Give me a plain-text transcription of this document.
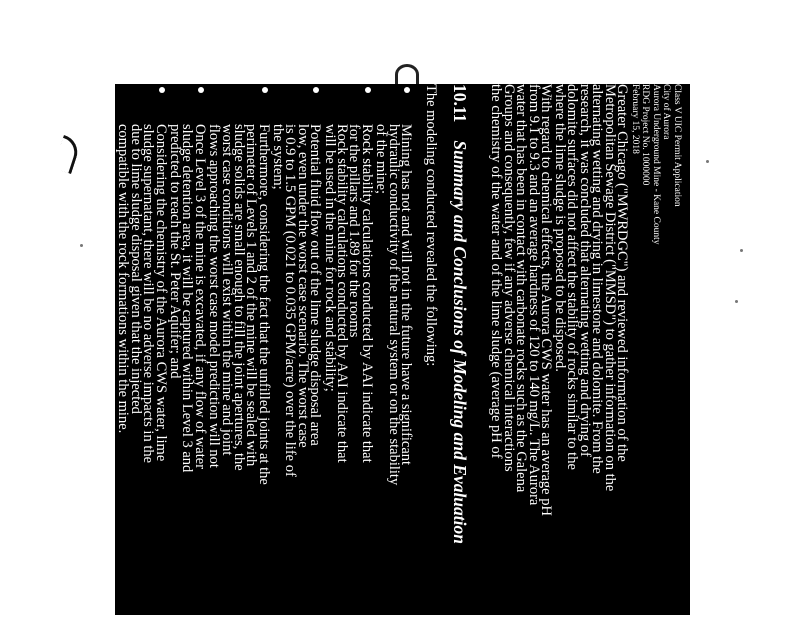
Class V UIC Permit Application
City of Aurora
Aurora Underground Mine - Kane County
RDG Project No. 1000000
February 15, 2018
Greater Chicago ("MWRDGC") and reviewed information of the
Metropolitan Sewage District ("MMSD") to gather information on the
alternating wetting and drying in limestone and dolomite. From the
research, it was concluded that alternating wetting and drying of
dolomite surfaces did not affect the stability of rocks similar to the
where the lime sludge is proposed to be disposed.
With regard to chemical effects, the Aurora CWS water has an average pH
from 9.1 to 9.3 and an average hardness of 120 to 140 mg/L. The Aurora
water that has been in contact with carbonate rocks such as the Galena
Groups and consequently, few if any adverse chemical interactions
the chemistry of the water and of the lime sludge (average pH of
10.11Summary and Conclusions of Modeling and Evaluation
The modeling conducted revealed the following:
Mining has not and will not in the future have a significant
hydraulic conductivity of the natural system or on the stability
of the mine;
Rock stability calculations conducted by AAI indicate that
for the pillars and 1.89 for the rooms
Rock stability calculations conducted by AAI indicate that
will be used in the mine for rock and stability;
Potential fluid flow out of the lime sludge disposal area
low, even under the worst case scenario. The worst case
is 0.9 to 1.5 GPM (0.021 to 0.035 GPM/acre) over the life of
the system;
Furthermore, considering the fact that the unfilled joints at the
perimeter of Levels 1 and 2 of the mine will be sealed with
sludge solids are small enough to fill the joint apertures, the
worst case conditions will exist within the mine and joint
flows approaching the worst case model prediction will not
Once Level 3 of the mine is excavated, if any flow of water
sludge detention area, it will be captured within Level 3 and
predicted to reach the St. Peter Aquifer; and
Considering the chemistry of the Aurora CWS water, lime
sludge supernatant, there will be no adverse impacts in the
due to lime sludge disposal given that the injected
compatible with the rock formations within the mine.
